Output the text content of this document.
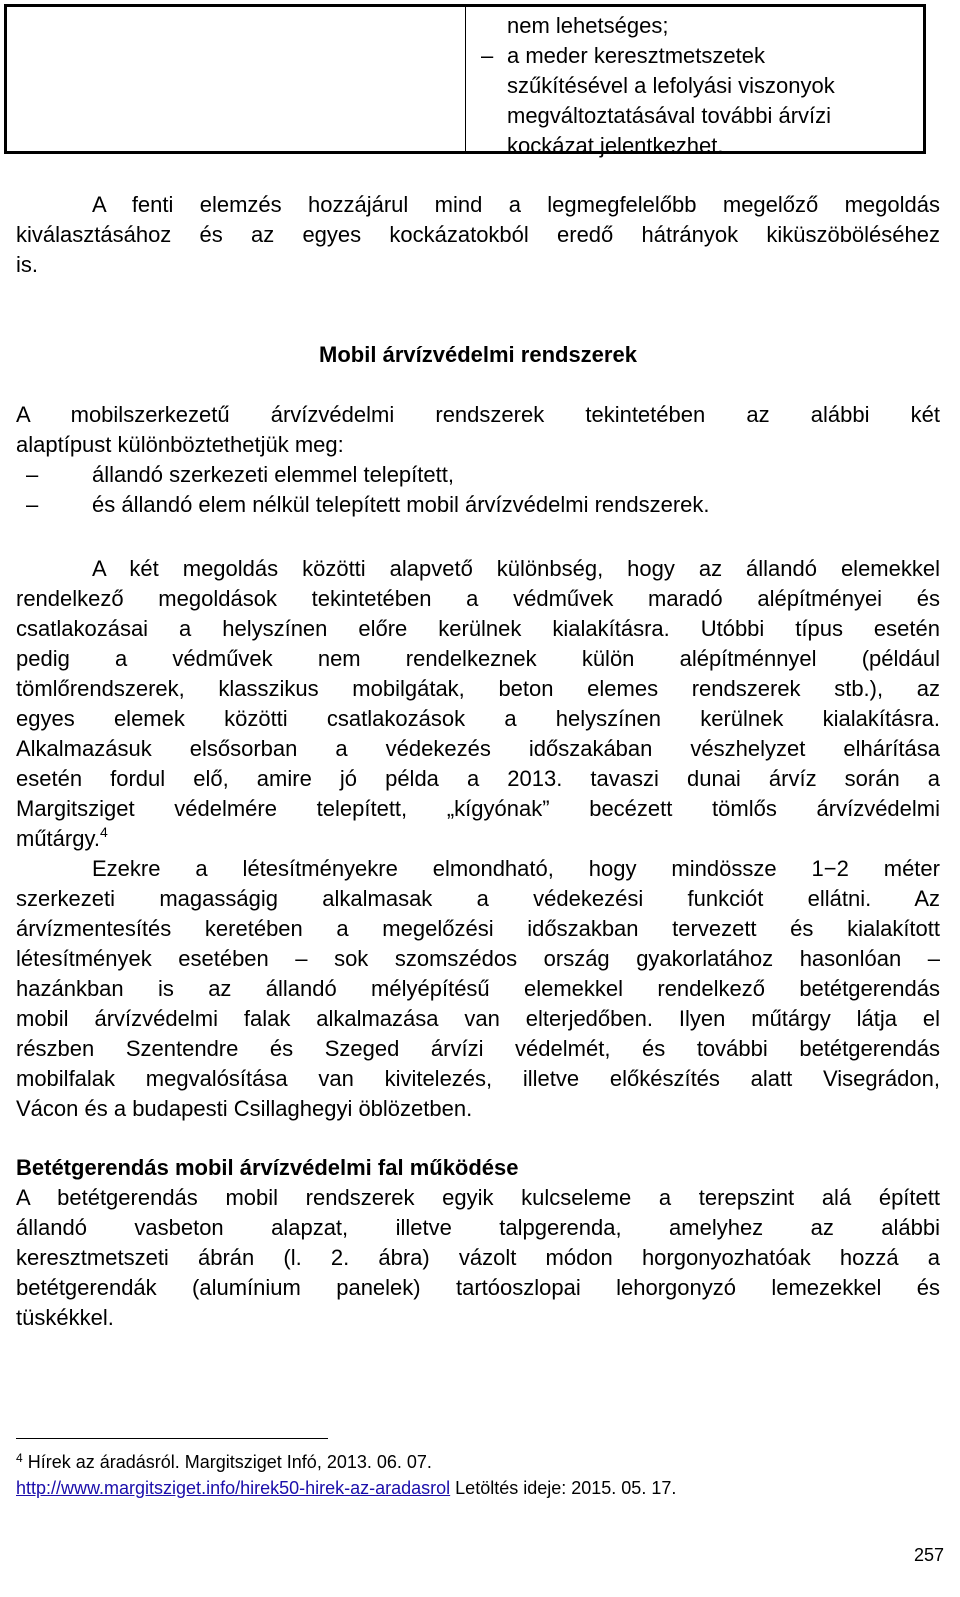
nem lehetséges;
– a meder keresztmetszetek
szűkítésével a lefolyási viszonyok
megváltoztatásával további árvízi
kockázat jelentkezhet.
A fenti elemzés hozzájárul mind a legmegfelelőbb megelőző megoldás
kiválasztásához és az egyes kockázatokból eredő hátrányok kiküszöböléséhez
is.
Mobil árvízvédelmi rendszerek
A mobilszerkezetű árvízvédelmi rendszerek tekintetében az alábbi két
alaptípust különböztethetjük meg:
– állandó szerkezeti elemmel telepített,
– és állandó elem nélkül telepített mobil árvízvédelmi rendszerek.
A két megoldás közötti alapvető különbség, hogy az állandó elemekkel
rendelkező megoldások tekintetében a védművek maradó alépítményei és
csatlakozásai a helyszínen előre kerülnek kialakításra. Utóbbi típus esetén
pedig a védművek nem rendelkeznek külön alépítménnyel (például
tömlőrendszerek, klasszikus mobilgátak, beton elemes rendszerek stb.), az
egyes elemek közötti csatlakozások a helyszínen kerülnek kialakításra.
Alkalmazásuk elsősorban a védekezés időszakában vészhelyzet elhárítása
esetén fordul elő, amire jó példa a 2013. tavaszi dunai árvíz során a
Margitsziget védelmére telepített, „kígyónak” becézett tömlős árvízvédelmi
műtárgy.$^4$
Ezekre a létesítményekre elmondható, hogy mindössze 1−2 méter
szerkezeti magasságig alkalmasak a védekezési funkciót ellátni. Az
árvízmentesítés keretében a megelőzési időszakban tervezett és kialakított
létesítmények esetében – sok szomszédos ország gyakorlatához hasonlóan –
hazánkban is az állandó mélyépítésű elemekkel rendelkező betétgerendás
mobil árvízvédelmi falak alkalmazása van elterjedőben. Ilyen műtárgy látja el
részben Szentendre és Szeged árvízi védelmét, és további betétgerendás
mobilfalak megvalósítása van kivitelezés, illetve előkészítés alatt Visegrádon,
Vácon és a budapesti Csillaghegyi öblözetben.
Betétgerendás mobil árvízvédelmi fal működése
A betétgerendás mobil rendszerek egyik kulcseleme a terepszint alá épített
állandó vasbeton alapzat, illetve talpgerenda, amelyhez az alábbi
keresztmetszeti ábrán (l. 2. ábra) vázolt módon horgonyozhatóak hozzá a
betétgerendák (alumínium panelek) tartóoszlopai lehorgonyzó lemezekkel és
tüskékkel.
$^4$ Hírek az áradásról. Margitsziget Infó, 2013. 06. 07.
http://www.margitsziget.info/hirek50-hirek-az-aradasrol Letöltés ideje: 2015. 05. 17.
257
